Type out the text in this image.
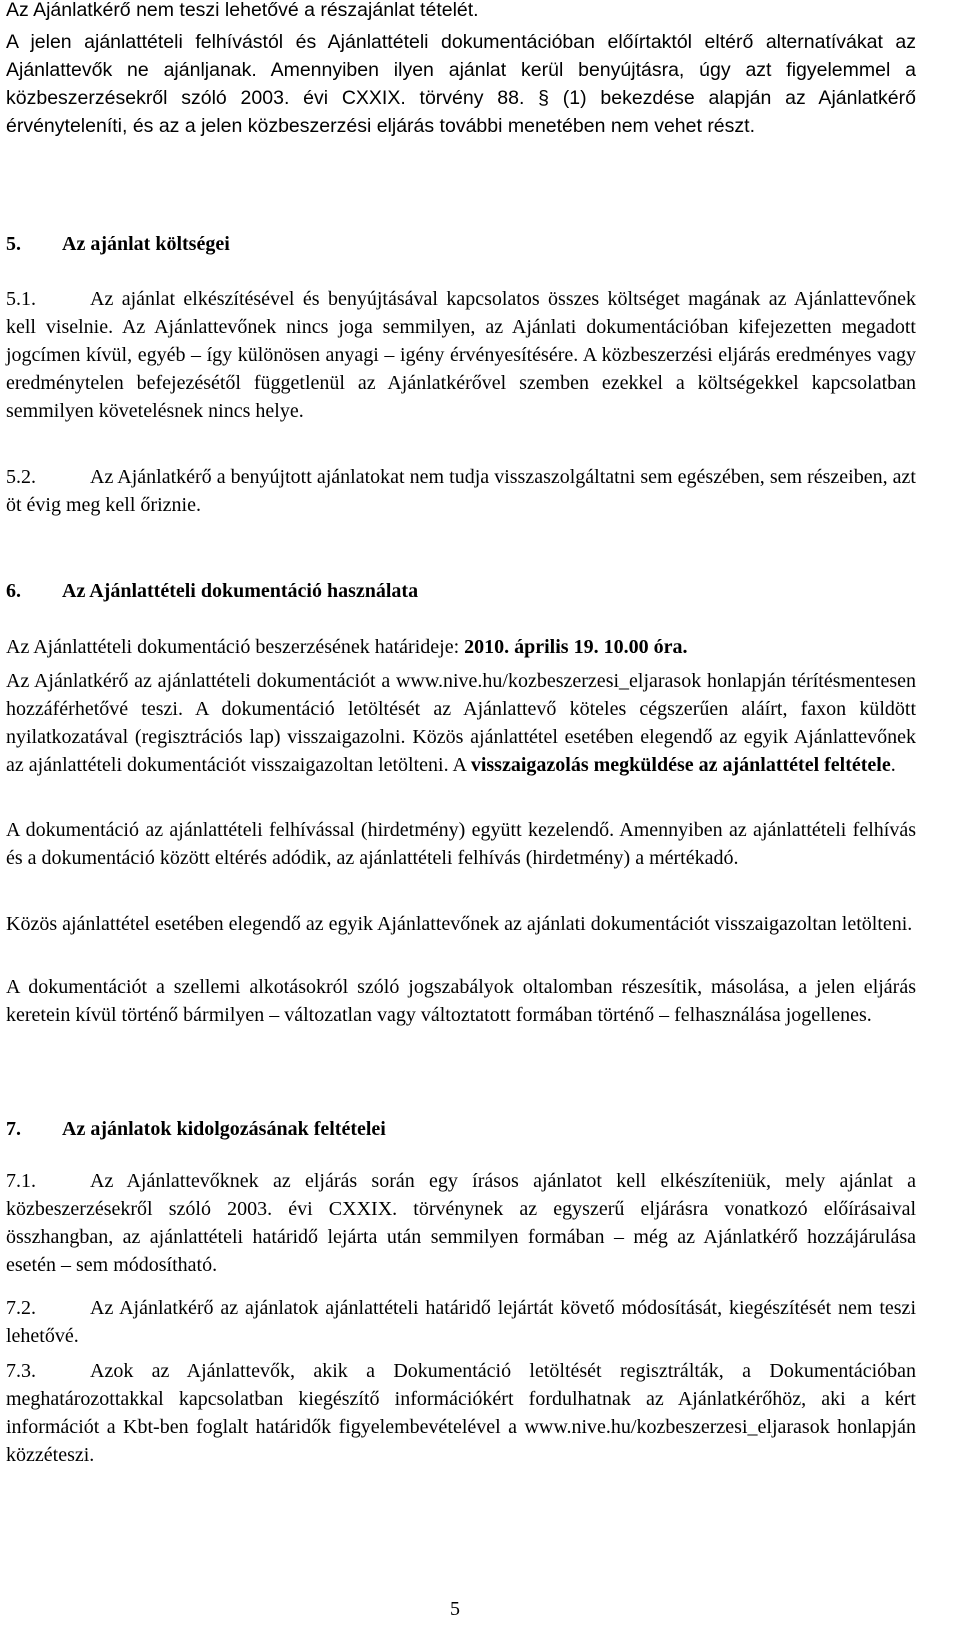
Az Ajánlatkérő nem teszi lehetővé a részajánlat tételét.

A jelen ajánlattételi felhívástól és Ajánlattételi dokumentációban előírtaktól eltérő alternatívákat az Ajánlattevők ne ajánljanak. Amennyiben ilyen ajánlat kerül benyújtásra, úgy azt figyelemmel a közbeszerzésekről szóló 2003. évi CXXIX. törvény 88. § (1) bekezdése alapján az Ajánlatkérő érvényteleníti, és az a jelen közbeszerzési eljárás további menetében nem vehet részt.

5. Az ajánlat költségei
5.1.	Az ajánlat elkészítésével és benyújtásával kapcsolatos összes költséget magának az Ajánlattevőnek kell viselnie. Az Ajánlattevőnek nincs joga semmilyen, az Ajánlati dokumentációban kifejezetten megadott jogcímen kívül, egyéb – így különösen anyagi – igény érvényesítésére. A közbeszerzési eljárás eredményes vagy eredménytelen befejezésétől függetlenül az Ajánlatkérővel szemben ezekkel a költségekkel kapcsolatban semmilyen követelésnek nincs helye.
5.2.	Az Ajánlatkérő a benyújtott ajánlatokat nem tudja visszaszolgáltatni sem egészében, sem részeiben, azt öt évig meg kell őriznie.
6. Az Ajánlattételi dokumentáció használata

Az Ajánlattételi dokumentáció beszerzésének határideje: 2010. április 19. 10.00 óra.

Az Ajánlatkérő az ajánlattételi dokumentációt a www.nive.hu/kozbeszerzesi_eljarasok honlapján térítésmentesen hozzáférhetővé teszi. A dokumentáció letöltését az Ajánlattevő köteles cégszerűen aláírt, faxon küldött nyilatkozatával (regisztrációs lap) visszaigazolni. Közös ajánlattétel esetében elegendő az egyik Ajánlattevőnek az ajánlattételi dokumentációt visszaigazoltan letölteni. A visszaigazolás megküldése az ajánlattétel feltétele.

A dokumentáció az ajánlattételi felhívással (hirdetmény) együtt kezelendő. Amennyiben az ajánlattételi felhívás és a dokumentáció között eltérés adódik, az ajánlattételi felhívás (hirdetmény) a mértékadó.

Közös ajánlattétel esetében elegendő az egyik Ajánlattevőnek az ajánlati dokumentációt visszaigazoltan letölteni.

A dokumentációt a szellemi alkotásokról szóló jogszabályok oltalomban részesítik, másolása, a jelen eljárás keretein kívül történő bármilyen – változatlan vagy változtatott formában történő – felhasználása jogellenes.

7. Az ajánlatok kidolgozásának feltételei
7.1.	Az Ajánlattevőknek az eljárás során egy írásos ajánlatot kell elkészíteniük, mely ajánlat a közbeszerzésekről szóló 2003. évi CXXIX. törvénynek az egyszerű eljárásra vonatkozó előírásaival összhangban, az ajánlattételi határidő lejárta után semmilyen formában – még az Ajánlatkérő hozzájárulása esetén – sem módosítható.
7.2.	Az Ajánlatkérő az ajánlatok ajánlattételi határidő lejártát követő módosítását, kiegészítését nem teszi lehetővé.
7.3.	Azok az Ajánlattevők, akik a Dokumentáció letöltését regisztrálták, a Dokumentációban meghatározottakkal kapcsolatban kiegészítő információkért fordulhatnak az Ajánlatkérőhöz, aki a kért információt a Kbt-ben foglalt határidők figyelembevételével a www.nive.hu/kozbeszerzesi_eljarasok honlapján közzéteszi.
5
